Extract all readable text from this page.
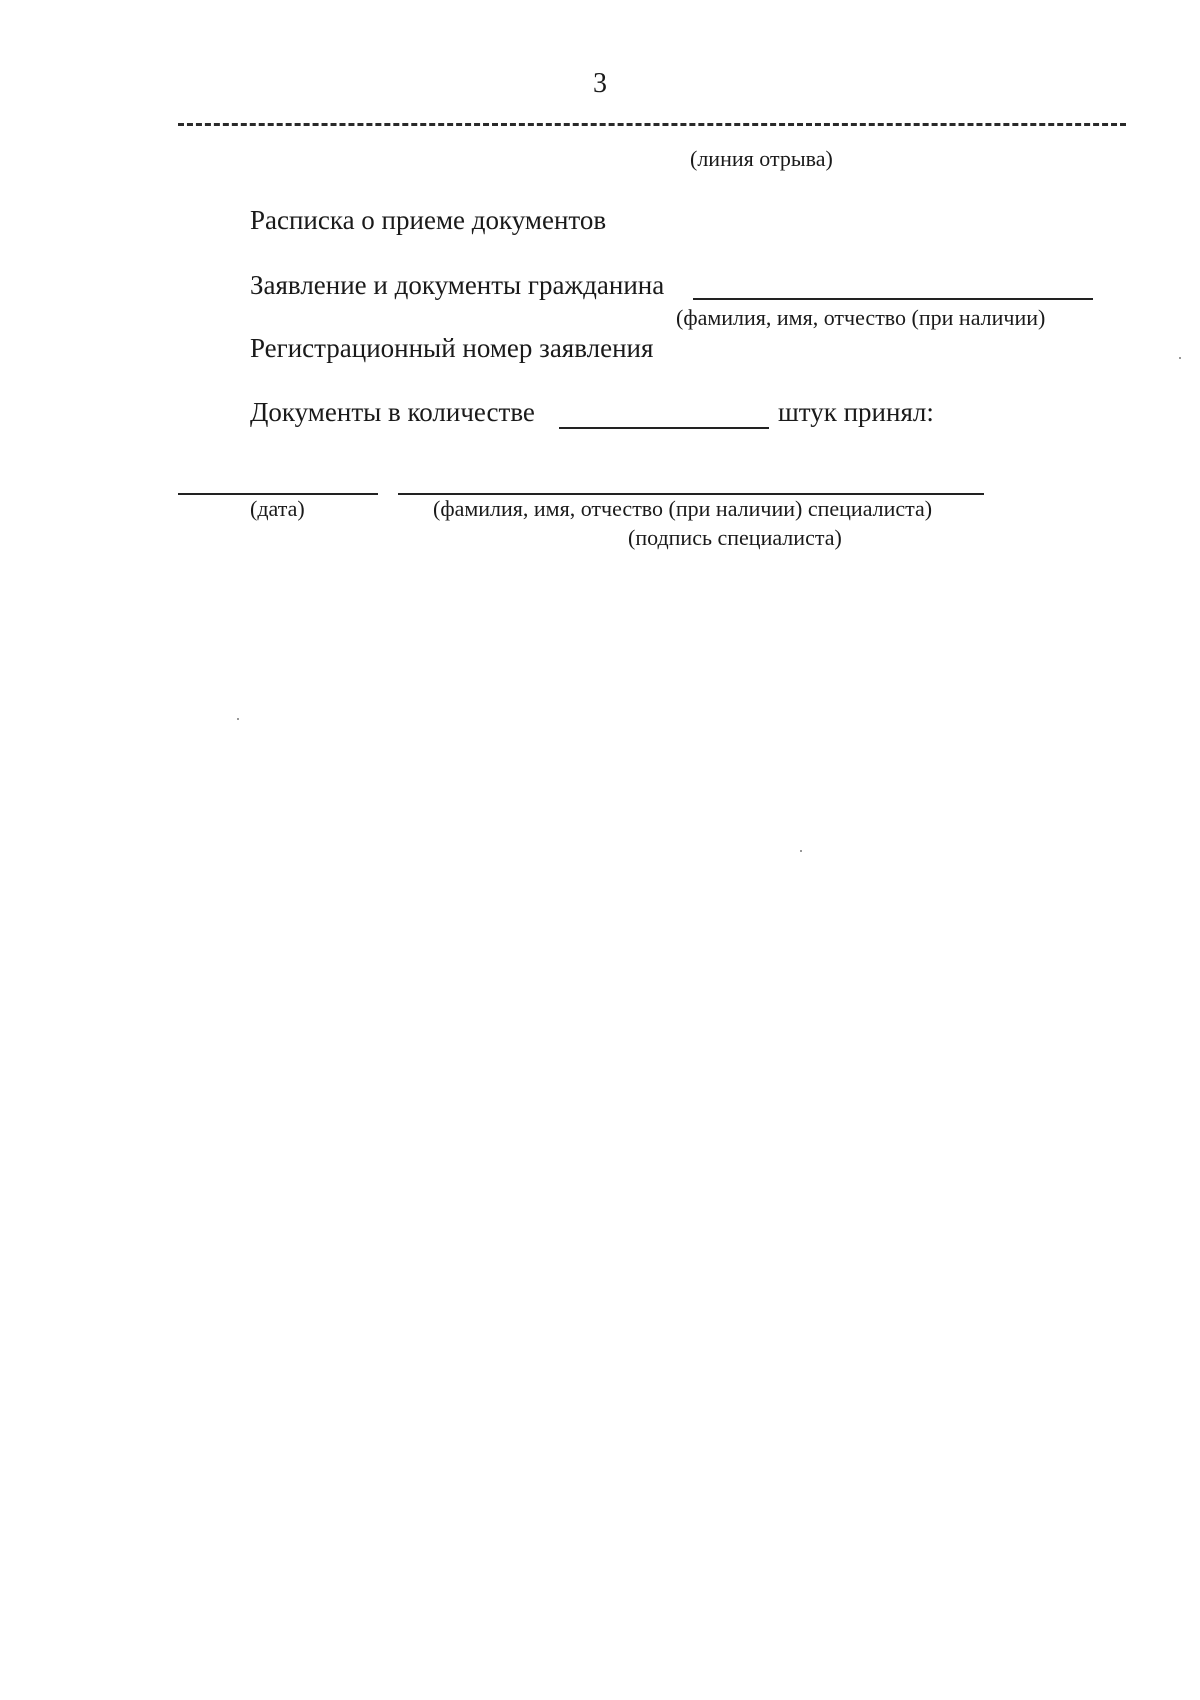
3
(линия отрыва)
Расписка о приеме документов
Заявление и документы гражданина
(фамилия, имя, отчество (при наличии)
Регистрационный номер заявления
Документы в количестве	штук принял:
(дата)	(фамилия, имя, отчество (при наличии) специалиста)
(подпись специалиста)
